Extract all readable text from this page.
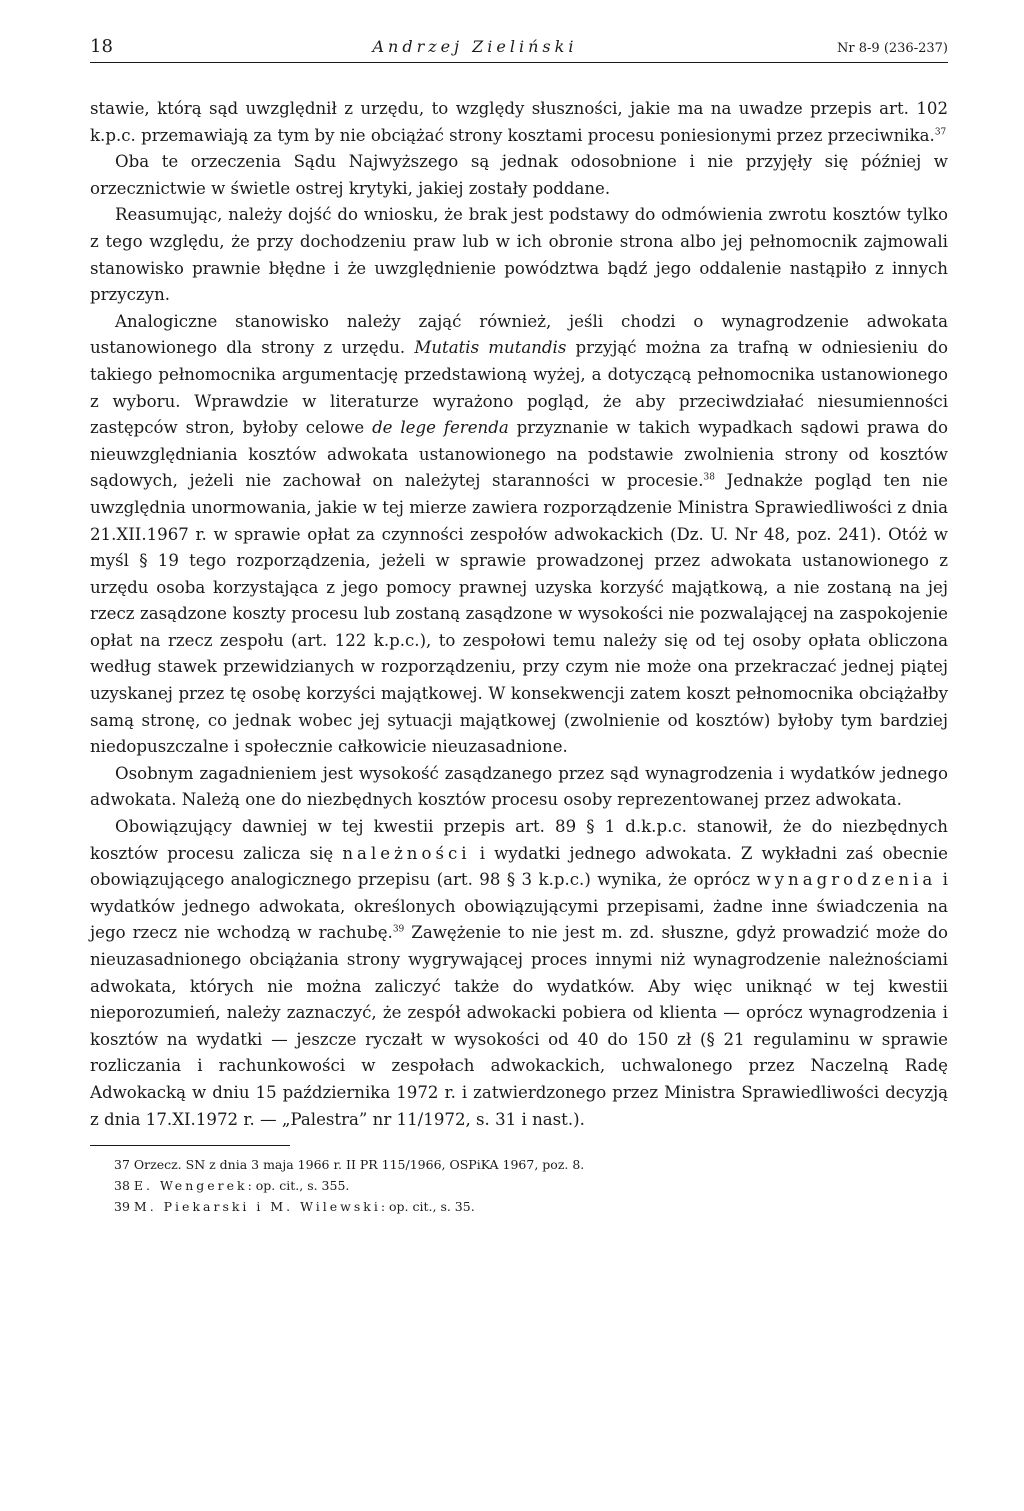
18	Andrzej Zieliński	Nr 8-9 (236-237)

stawie, którą sąd uwzględnił z urzędu, to względy słuszności, jakie ma na uwadze przepis art. 102 k.p.c. przemawiają za tym by nie obciążać strony kosztami procesu poniesionymi przez przeciwnika.$^{37}$

Oba te orzeczenia Sądu Najwyższego są jednak odosobnione i nie przyjęły się później w orzecznictwie w świetle ostrej krytyki, jakiej zostały poddane.

Reasumując, należy dojść do wniosku, że brak jest podstawy do odmówienia zwrotu kosztów tylko z tego względu, że przy dochodzeniu praw lub w ich obronie strona albo jej pełnomocnik zajmowali stanowisko prawnie błędne i że uwzględnienie powództwa bądź jego oddalenie nastąpiło z innych przyczyn.

Analogiczne stanowisko należy zająć również, jeśli chodzi o wynagrodzenie adwokata ustanowionego dla strony z urzędu. Mutatis mutandis przyjąć można za trafną w odniesieniu do takiego pełnomocnika argumentację przedstawioną wyżej, a dotyczącą pełnomocnika ustanowionego z wyboru. Wprawdzie w literaturze wyrażono pogląd, że aby przeciwdziałać niesumienności zastępców stron, byłoby celowe de lege ferenda przyznanie w takich wypadkach sądowi prawa do nieuwzględniania kosztów adwokata ustanowionego na podstawie zwolnienia strony od kosztów sądowych, jeżeli nie zachował on należytej staranności w procesie.$^{38}$ Jednakże pogląd ten nie uwzględnia unormowania, jakie w tej mierze zawiera rozporządzenie Ministra Sprawiedliwości z dnia 21.XII.1967 r. w sprawie opłat za czynności zespołów adwokackich (Dz. U. Nr 48, poz. 241). Otóż w myśl § 19 tego rozporządzenia, jeżeli w sprawie prowadzonej przez adwokata ustanowionego z urzędu osoba korzystająca z jego pomocy prawnej uzyska korzyść majątkową, a nie zostaną na jej rzecz zasądzone koszty procesu lub zostaną zasądzone w wysokości nie pozwalającej na zaspokojenie opłat na rzecz zespołu (art. 122 k.p.c.), to zespołowi temu należy się od tej osoby opłata obliczona według stawek przewidzianych w rozporządzeniu, przy czym nie może ona przekraczać jednej piątej uzyskanej przez tę osobę korzyści majątkowej. W konsekwencji zatem koszt pełnomocnika obciążałby samą stronę, co jednak wobec jej sytuacji majątkowej (zwolnienie od kosztów) byłoby tym bardziej niedopuszczalne i społecznie całkowicie nieuzasadnione.

Osobnym zagadnieniem jest wysokość zasądzanego przez sąd wynagrodzenia i wydatków jednego adwokata. Należą one do niezbędnych kosztów procesu osoby reprezentowanej przez adwokata.

Obowiązujący dawniej w tej kwestii przepis art. 89 § 1 d.k.p.c. stanowił, że do niezbędnych kosztów procesu zalicza się należności i wydatki jednego adwokata. Z wykładni zaś obecnie obowiązującego analogicznego przepisu (art. 98 § 3 k.p.c.) wynika, że oprócz wynagrodzenia i wydatków jednego adwokata, określonych obowiązującymi przepisami, żadne inne świadczenia na jego rzecz nie wchodzą w rachubę.$^{39}$ Zawężenie to nie jest m. zd. słuszne, gdyż prowadzić może do nieuzasadnionego obciążania strony wygrywającej proces innymi niż wynagrodzenie należnościami adwokata, których nie można zaliczyć także do wydatków. Aby więc uniknąć w tej kwestii nieporozumień, należy zaznaczyć, że zespół adwokacki pobiera od klienta — oprócz wynagrodzenia i kosztów na wydatki — jeszcze ryczałt w wysokości od 40 do 150 zł (§ 21 regulaminu w sprawie rozliczania i rachunkowości w zespołach adwokackich, uchwalonego przez Naczelną Radę Adwokacką w dniu 15 października 1972 r. i zatwierdzonego przez Ministra Sprawiedliwości decyzją z dnia 17.XI.1972 r. — „Palestra” nr 11/1972, s. 31 i nast.).

37 Orzecz. SN z dnia 3 maja 1966 r. II PR 115/1966, OSPiKA 1967, poz. 8.
38 E. Wengerek: op. cit., s. 355.
39 M. Piekarski i M. Wilewski: op. cit., s. 35.
